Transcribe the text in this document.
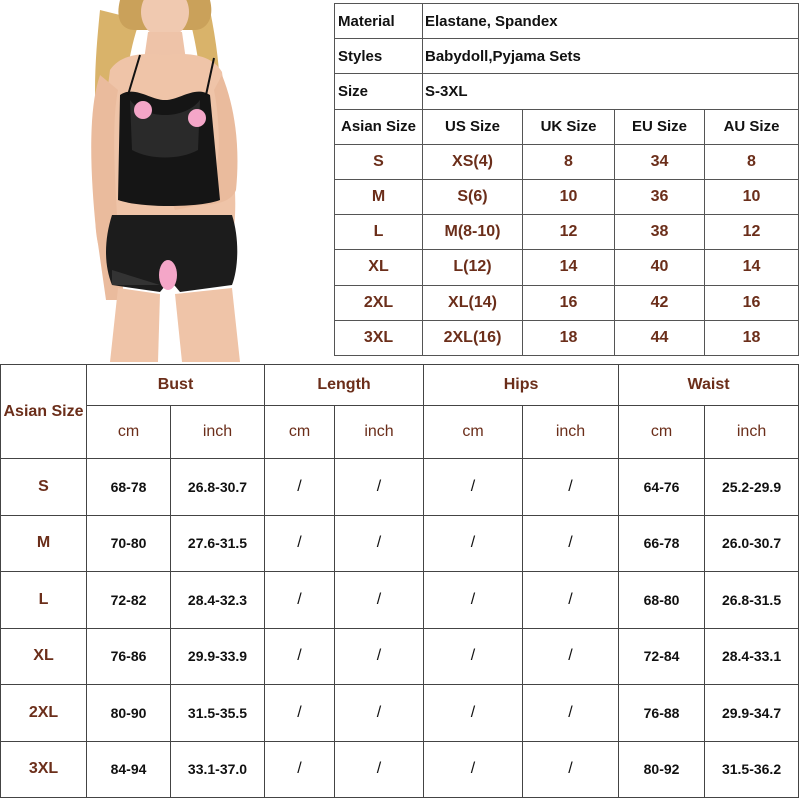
Material	Elastane, Spandex			
Styles	Babydoll,Pyjama Sets			
Size	S-3XL			
Asian Size	US Size	UK Size	EU Size	AU Size
S	XS(4)	8	34	8
M	S(6)	10	36	10
L	M(8-10)	12	38	12
XL	L(12)	14	40	14
2XL	XL(14)	16	42	16
3XL	2XL(16)	18	44	18
Asian Size	Bust		Length		Hips		Waist	
	cm	inch	cm	inch	cm	inch	cm	inch
S	68-78	26.8-30.7	/	/	/	/	64-76	25.2-29.9
M	70-80	27.6-31.5	/	/	/	/	66-78	26.0-30.7
L	72-82	28.4-32.3	/	/	/	/	68-80	26.8-31.5
XL	76-86	29.9-33.9	/	/	/	/	72-84	28.4-33.1
2XL	80-90	31.5-35.5	/	/	/	/	76-88	29.9-34.7
3XL	84-94	33.1-37.0	/	/	/	/	80-92	31.5-36.2
